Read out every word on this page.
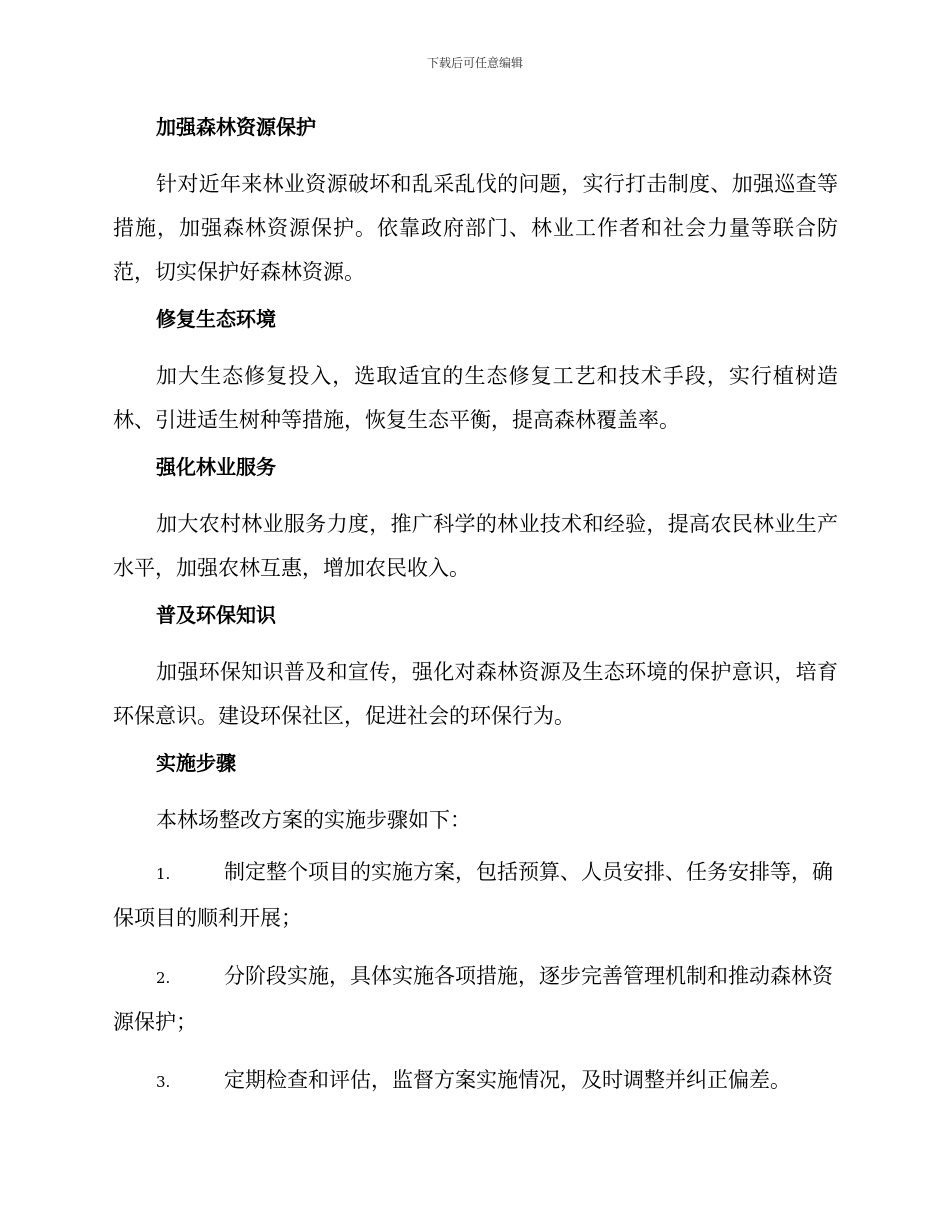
下载后可任意编辑
加强森林资源保护

针对近年来林业资源破坏和乱采乱伐的问题，实行打击制度、加强巡查等措施，加强森林资源保护。依靠政府部门、林业工作者和社会力量等联合防范，切实保护好森林资源。

修复生态环境

加大生态修复投入，选取适宜的生态修复工艺和技术手段，实行植树造林、引进适生树种等措施，恢复生态平衡，提高森林覆盖率。

强化林业服务

加大农村林业服务力度，推广科学的林业技术和经验，提高农民林业生产水平，加强农林互惠，增加农民收入。

普及环保知识

加强环保知识普及和宣传，强化对森林资源及生态环境的保护意识，培育环保意识。建设环保社区，促进社会的环保行为。

实施步骤

本林场整改方案的实施步骤如下：

1.	制定整个项目的实施方案，包括预算、人员安排、任务安排等，确保项目的顺利开展；

2.	分阶段实施，具体实施各项措施，逐步完善管理机制和推动森林资源保护；

3.	定期检查和评估，监督方案实施情况，及时调整并纠正偏差。
